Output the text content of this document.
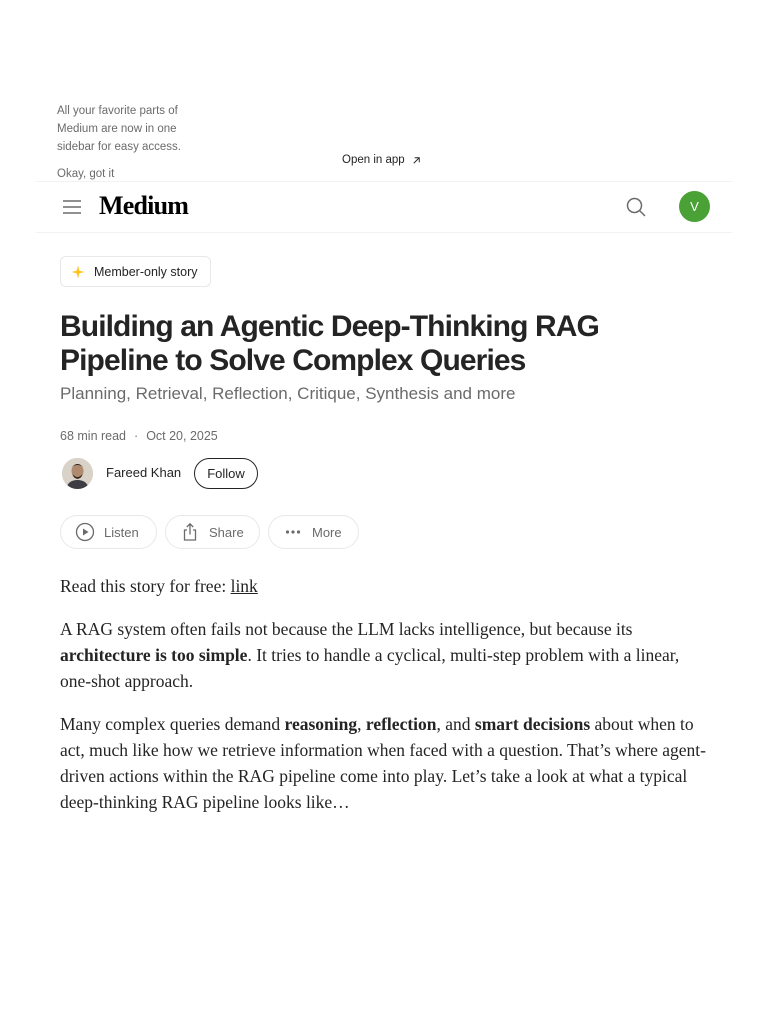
All your favorite parts of Medium are now in one sidebar for easy access.

Okay, got it
Open in app
Medium	V
Member-only story
Building an Agentic Deep-Thinking RAG Pipeline to Solve Complex Queries
Planning, Retrieval, Reflection, Critique, Synthesis and more
68 min read · Oct 20, 2025
Fareed Khan	Follow
Listen	Share	More
Read this story for free: link
A RAG system often fails not because the LLM lacks intelligence, but because its architecture is too simple. It tries to handle a cyclical, multi-step problem with a linear, one-shot approach.
Many complex queries demand reasoning, reflection, and smart decisions about when to act, much like how we retrieve information when faced with a question. That’s where agent-driven actions within the RAG pipeline come into play. Let’s take a look at what a typical deep-thinking RAG pipeline looks like…
